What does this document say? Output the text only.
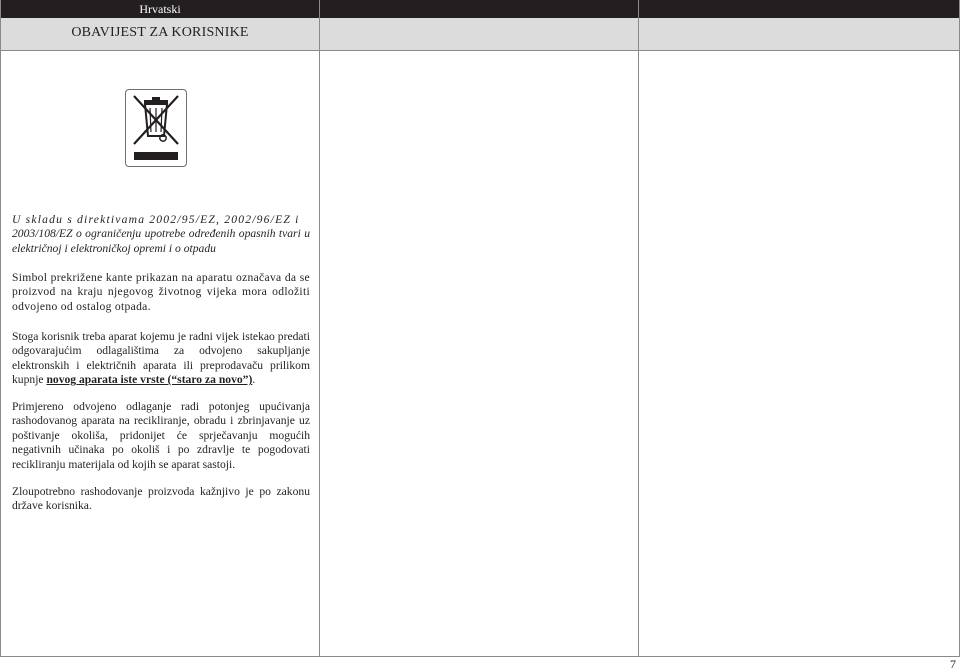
Hrvatski
OBAVIJEST ZA KORISNIKE
U skladu s direktivama 2002/95/EZ, 2002/96/EZ i
2003/108/EZ o ograničenju upotrebe određenih opasnih tvari u električnoj i elektroničkoj opremi i o otpadu
Simbol prekrižene kante prikazan na aparatu označava da se proizvod na kraju njegovog životnog vijeka mora odložiti odvojeno od ostalog otpada.
Stoga korisnik treba aparat kojemu je radni vijek istekao predati odgovarajućim odlagalištima za odvojeno sakupljanje elektronskih i električnih aparata ili preprodavaču prilikom kupnje novog aparata iste vrste (“staro za novo”).
Primjereno odvojeno odlaganje radi potonjeg upućivanja rashodovanog aparata na recikliranje, obradu i zbrinjavanje uz poštivanje okoliša, pridonijet će sprječavanju mogućih negativnih učinaka po okoliš i po zdravlje te pogodovati recikliranju materijala od kojih se aparat sastoji.
Zloupotrebno rashodovanje proizvoda kažnjivo je po zakonu države korisnika.
7
